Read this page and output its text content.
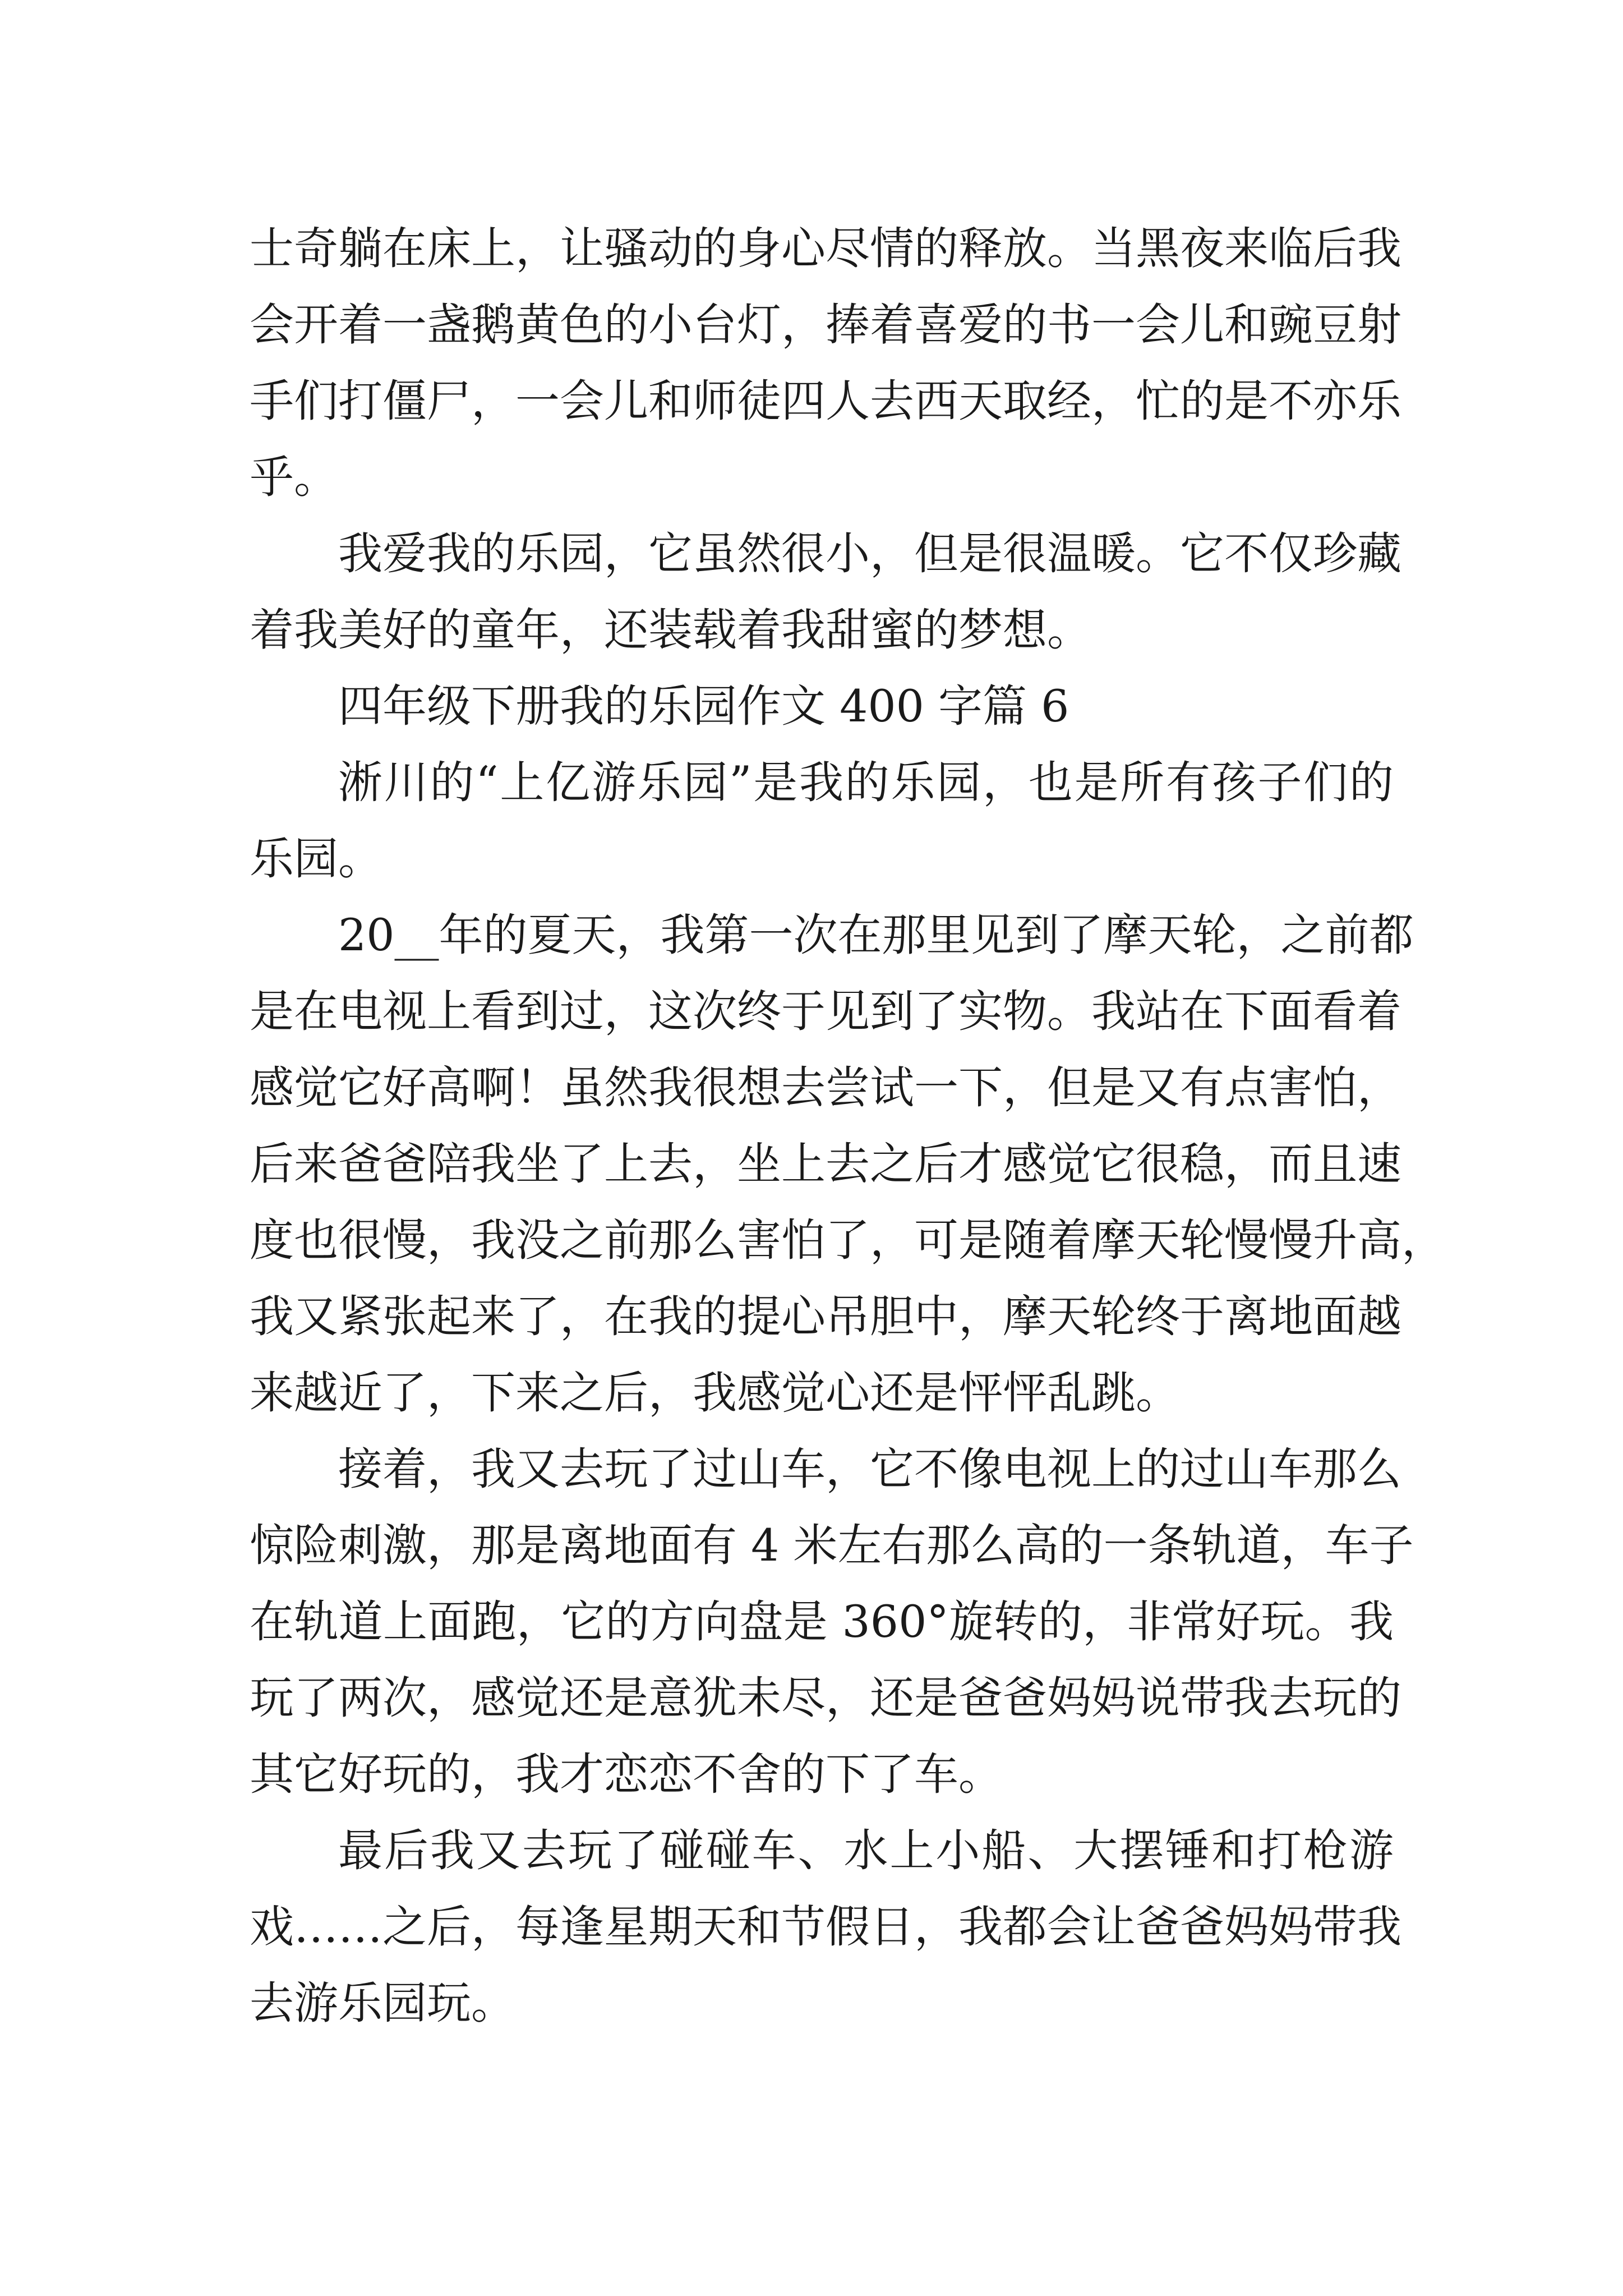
士奇躺在床上，让骚动的身心尽情的释放。当黑夜来临后我
会开着一盏鹅黄色的小台灯，捧着喜爱的书一会儿和豌豆射
手们打僵尸，一会儿和师徒四人去西天取经，忙的是不亦乐
乎。
我爱我的乐园，它虽然很小，但是很温暖。它不仅珍藏
着我美好的童年，还装载着我甜蜜的梦想。
四年级下册我的乐园作文 400 字篇 6
淅川的“上亿游乐园”是我的乐园，也是所有孩子们的
乐园。
20__年的夏天，我第一次在那里见到了摩天轮，之前都
是在电视上看到过，这次终于见到了实物。我站在下面看着
感觉它好高啊！虽然我很想去尝试一下，但是又有点害怕，
后来爸爸陪我坐了上去，坐上去之后才感觉它很稳，而且速
度也很慢，我没之前那么害怕了，可是随着摩天轮慢慢升高，
我又紧张起来了，在我的提心吊胆中，摩天轮终于离地面越
来越近了，下来之后，我感觉心还是怦怦乱跳。
接着，我又去玩了过山车，它不像电视上的过山车那么
惊险刺激，那是离地面有 4 米左右那么高的一条轨道，车子
在轨道上面跑，它的方向盘是 360°旋转的，非常好玩。我
玩了两次，感觉还是意犹未尽，还是爸爸妈妈说带我去玩的
其它好玩的，我才恋恋不舍的下了车。
最后我又去玩了碰碰车、水上小船、大摆锤和打枪游
戏……之后，每逢星期天和节假日，我都会让爸爸妈妈带我
去游乐园玩。
